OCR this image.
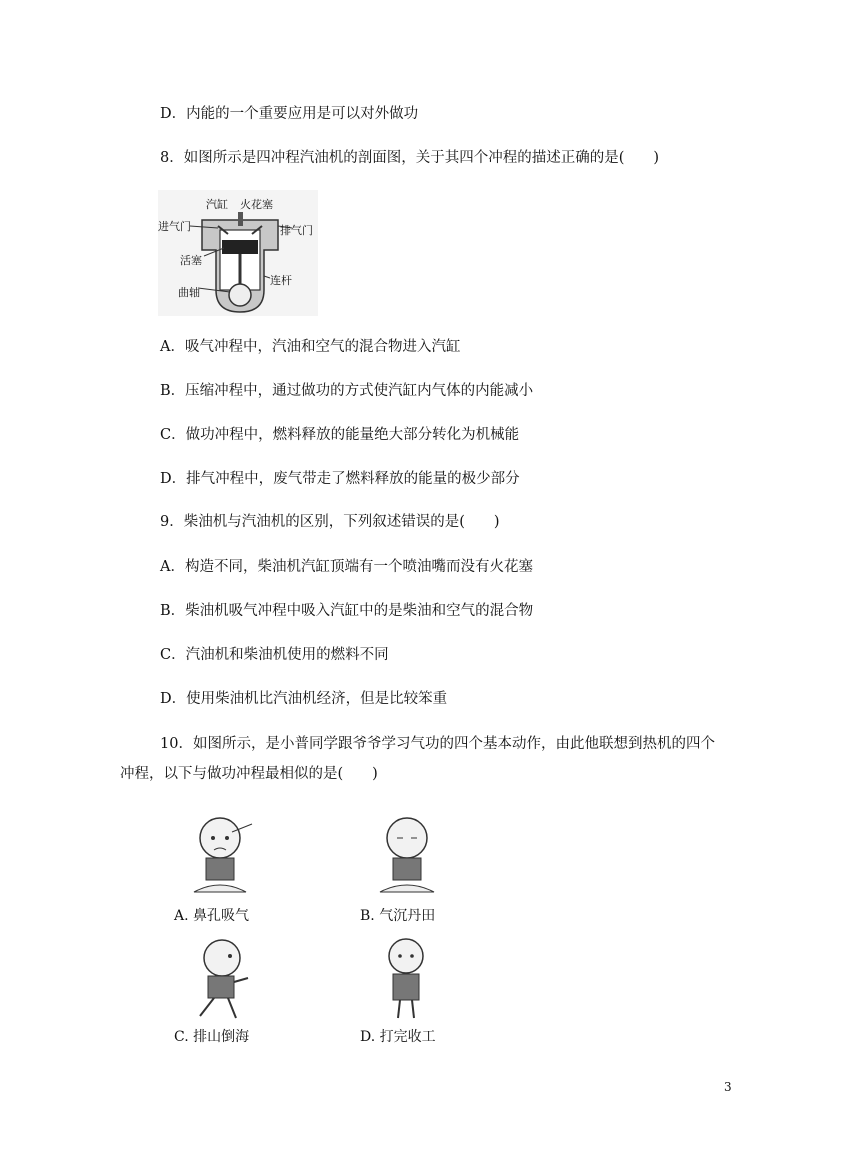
D．内能的一个重要应用是可以对外做功
8．如图所示是四冲程汽油机的剖面图，关于其四个冲程的描述正确的是(　　)
汽缸 火花塞
进气门	排气门
活塞
连杆
曲轴
A．吸气冲程中，汽油和空气的混合物进入汽缸
B．压缩冲程中，通过做功的方式使汽缸内气体的内能减小
C．做功冲程中，燃料释放的能量绝大部分转化为机械能
D．排气冲程中，废气带走了燃料释放的能量的极少部分
9．柴油机与汽油机的区别，下列叙述错误的是(　　)
A．构造不同，柴油机汽缸顶端有一个喷油嘴而没有火花塞
B．柴油机吸气冲程中吸入汽缸中的是柴油和空气的混合物
C．汽油机和柴油机使用的燃料不同
D．使用柴油机比汽油机经济，但是比较笨重
10．如图所示，是小普同学跟爷爷学习气功的四个基本动作，由此他联想到热机的四个
冲程，以下与做功冲程最相似的是(　　)
A. 鼻孔吸气	B. 气沉丹田
C. 排山倒海	D. 打完收工
3
